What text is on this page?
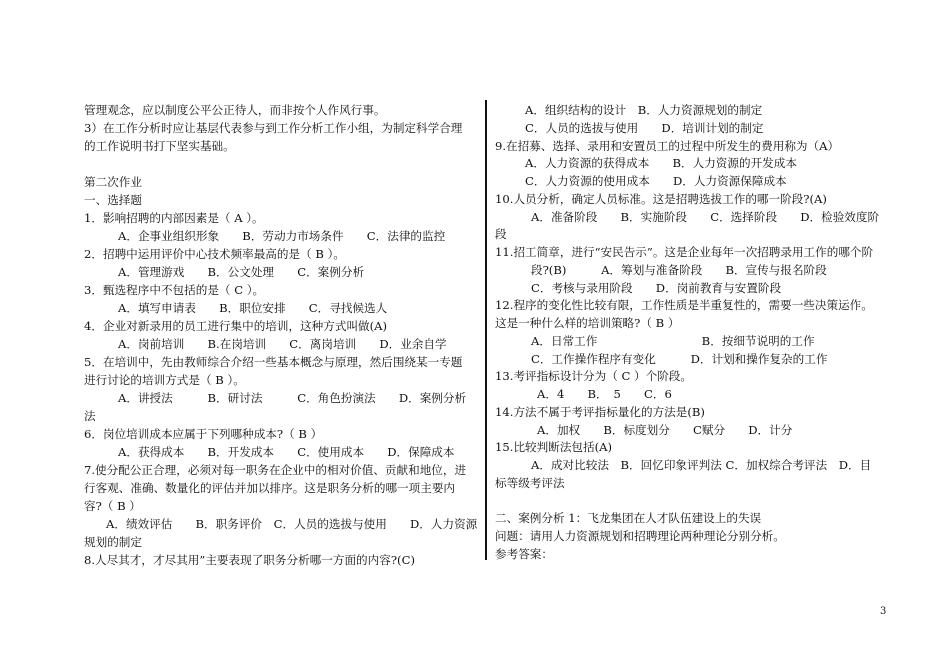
管理观念，应以制度公平公正待人，而非按个人作风行事。
3）在工作分析时应让基层代表参与到工作分析工作小组，为制定科学合理
的工作说明书打下坚实基础。
第二次作业
一、选择题
1．影响招聘的内部因素是（ A ）。
A．企事业组织形象　　B．劳动力市场条件　　C．法律的监控
2．招聘中运用评价中心技术频率最高的是（ B ）。
A．管理游戏　　B．公文处理　　C．案例分析
3．甄选程序中不包括的是（ C ）。
A．填写申请表　　B．职位安排　　C．寻找候选人
4．企业对新录用的员工进行集中的培训，这种方式叫做(A)
A．岗前培训　　B.在岗培训　　C．离岗培训　　D．业余自学
5．在培训中，先由教师综合介绍一些基本概念与原理，然后围绕某一专题
进行讨论的培训方式是（ B ）。
A．讲授法　　　B．研讨法　　　C．角色扮演法　　D．案例分析
法
6．岗位培训成本应属于下列哪种成本?（ B ）
A．获得成本　　B．开发成本　　C．使用成本　　D．保障成本
7.使分配公正合理，必须对每一职务在企业中的相对价值、贡献和地位，进
行客观、准确、数量化的评估并加以排序。这是职务分析的哪一项主要内
容?（ B ）
A．绩效评估　　B．职务评价　C．人员的选拔与使用　　D．人力资源
规划的制定
8.人尽其才，才尽其用”主要表现了职务分析哪一方面的内容?(C)
A．组织结构的设计　B．人力资源规划的制定
C．人员的选拔与使用　　D．培训计划的制定
9.在招募、选择、录用和安置员工的过程中所发生的费用称为（A）
A．人力资源的获得成本　　B．人力资源的开发成本
C．人力资源的使用成本　　D．人力资源保障成本
10.人员分析，确定人员标准。这是招聘选拔工作的哪一阶段?(A)
A．准备阶段　　B．实施阶段　　C．选择阶段　　D．检验效度阶
段
11.招工简章，进行“安民告示”。这是企业每年一次招聘录用工作的哪个阶
段?(B)　　　A．筹划与准备阶段　　B．宣传与报名阶段
C．考核与录用阶段　　D．岗前教育与安置阶段
12.程序的变化性比较有限，工作性质是半重复性的，需要一些决策运作。
这是一种什么样的培训策略?（ B ）
A．日常工作　　　　　　　　　B．按细节说明的工作
C．工作操作程序有变化　　　D．计划和操作复杂的工作
13.考评指标设计分为（ C ）个阶段。
A．4　　B．　5　　C．6
14.方法不属于考评指标量化的方法是(B)
A．加权　　B．标度划分　　C赋分　　D．计分
15.比较判断法包括(A)
A．成对比较法　B．回忆印象评判法 C．加权综合考评法　D．目
标等级考评法
二、案例分析 1：飞龙集团在人才队伍建设上的失误
问题：请用人力资源规划和招聘理论两种理论分别分析。
参考答案：
3
